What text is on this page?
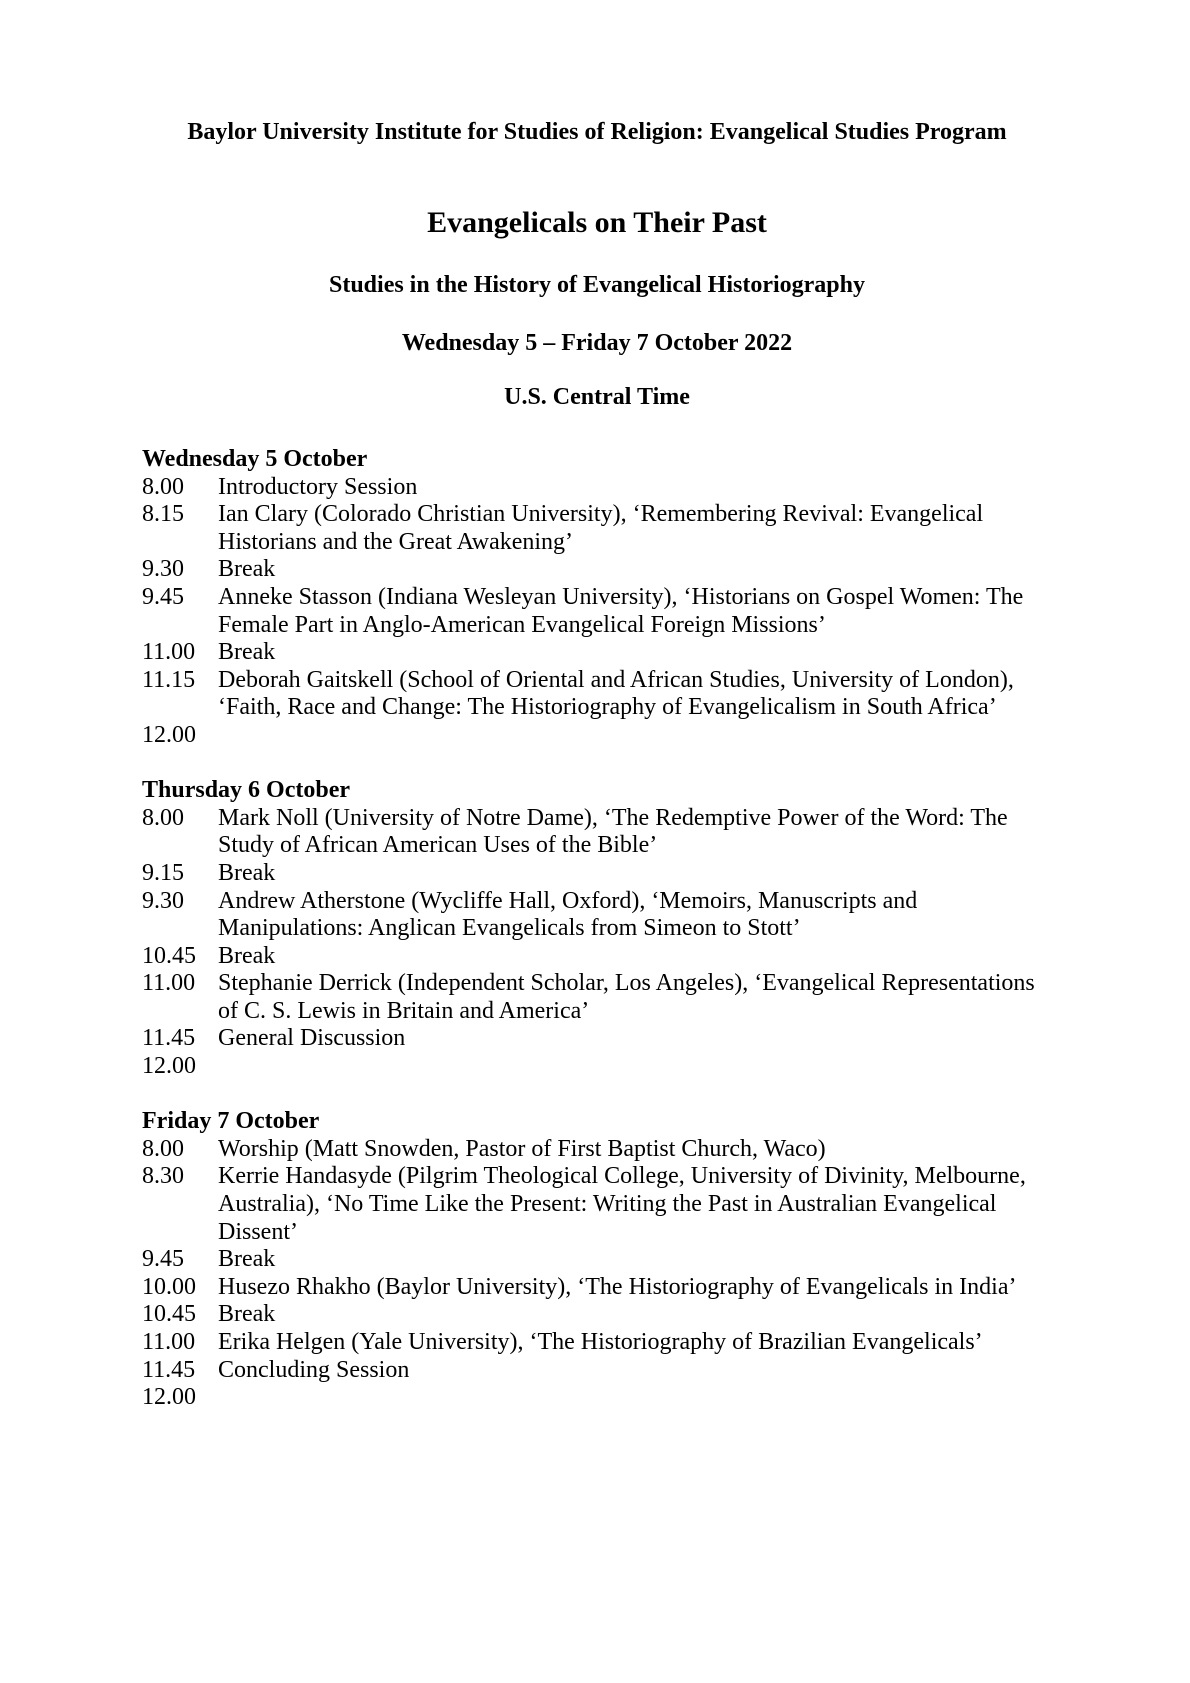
Baylor University Institute for Studies of Religion: Evangelical Studies Program
Evangelicals on Their Past
Studies in the History of Evangelical Historiography
Wednesday 5 – Friday 7 October 2022
U.S. Central Time
Wednesday 5 October
8.00	Introductory Session
8.15	Ian Clary (Colorado Christian University), ‘Remembering Revival: Evangelical Historians and the Great Awakening’
9.30	Break
9.45	Anneke Stasson (Indiana Wesleyan University), ‘Historians on Gospel Women: The Female Part in Anglo-American Evangelical Foreign Missions’
11.00 Break
11.15 Deborah Gaitskell (School of Oriental and African Studies, University of London), ‘Faith, Race and Change: The Historiography of Evangelicalism in South Africa’
12.00
Thursday 6 October
8.00	Mark Noll (University of Notre Dame), ‘The Redemptive Power of the Word: The Study of African American Uses of the Bible’
9.15	Break
9.30	Andrew Atherstone (Wycliffe Hall, Oxford), ‘Memoirs, Manuscripts and Manipulations: Anglican Evangelicals from Simeon to Stott’
10.45 Break
11.00 Stephanie Derrick (Independent Scholar, Los Angeles), ‘Evangelical Representations of C. S. Lewis in Britain and America’
11.45 General Discussion
12.00
Friday 7 October
8.00	Worship (Matt Snowden, Pastor of First Baptist Church, Waco)
8.30	Kerrie Handasyde (Pilgrim Theological College, University of Divinity, Melbourne, Australia), ‘No Time Like the Present: Writing the Past in Australian Evangelical Dissent’
9.45	Break
10.00 Husezo Rhakho (Baylor University), ‘The Historiography of Evangelicals in India’
10.45 Break
11.00 Erika Helgen (Yale University), ‘The Historiography of Brazilian Evangelicals’
11.45 Concluding Session
12.00
